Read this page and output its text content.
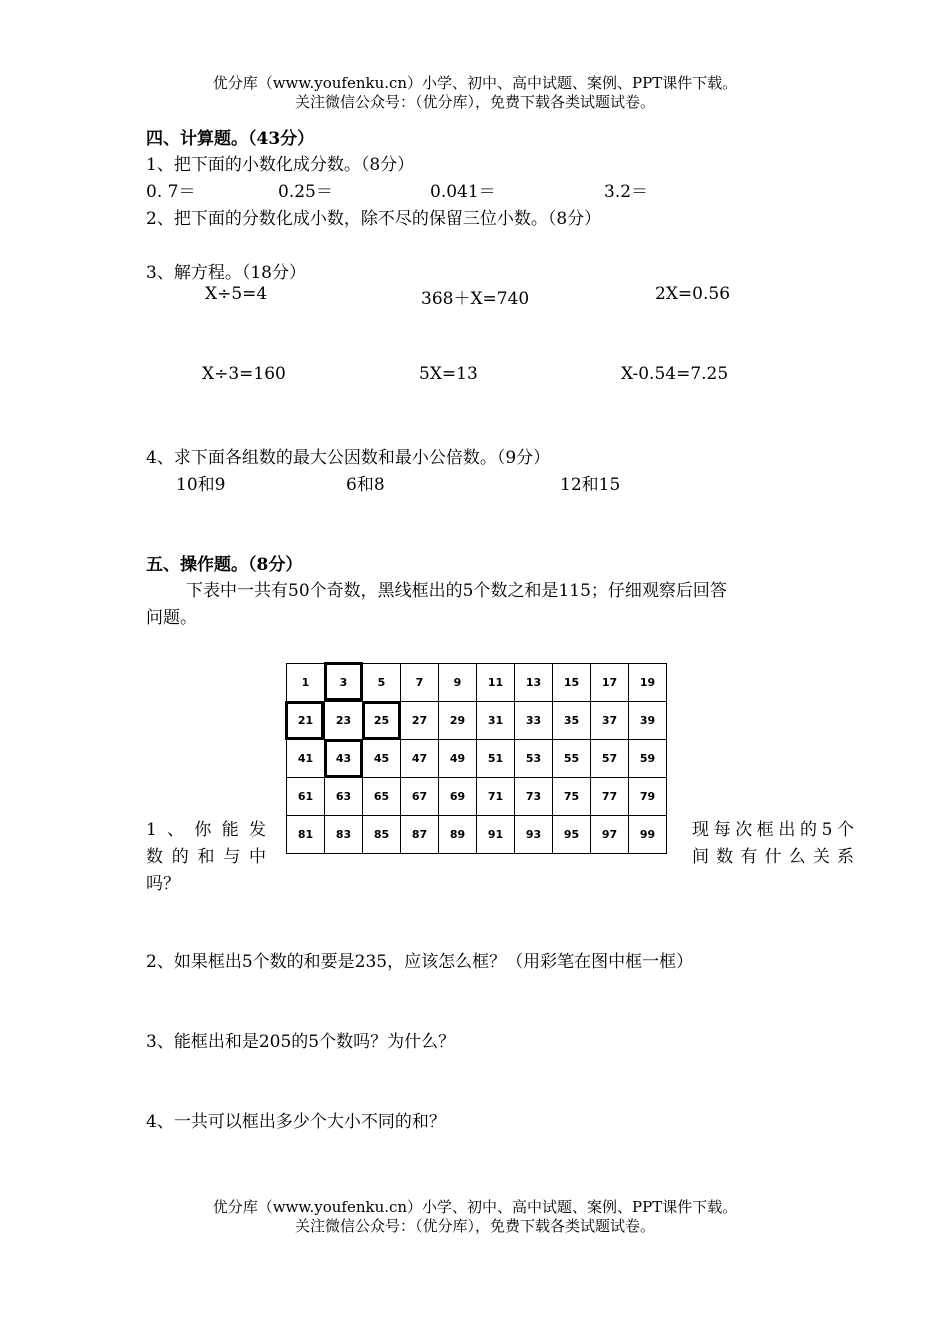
优分库（www.youfenku.cn）小学、初中、高中试题、案例、PPT课件下载。
关注微信公众号：（优分库），免费下载各类试题试卷。
四、计算题。（43分）
1、把下面的小数化成分数。（8分）
0. 7＝	0.25＝	0.041＝	3.2＝
2、把下面的分数化成小数，除不尽的保留三位小数。（8分）
3、解方程。（18分）
X÷5=4	368＋X=740	2X=0.56
X÷3=160	5X=13	X-0.54=7.25
4、求下面各组数的最大公因数和最小公倍数。（9分）
10和9	6和8	12和15
五、操作题。（8分）
下表中一共有50个奇数，黑线框出的5个数之和是115；仔细观察后回答
问题。
1	3	5	7	9	11	13	15	17	19
21	23	25	27	29	31	33	35	37	39
41	43	45	47	49	51	53	55	57	59
61	63	65	67	69	71	73	75	77	79
81	83	85	87	89	91	93	95	97	99
1、你能发
数的和与中
吗？
现每次框出的5个
间数有什么关系
2、如果框出5个数的和要是235，应该怎么框？（用彩笔在图中框一框）
3、能框出和是205的5个数吗？为什么？
4、一共可以框出多少个大小不同的和？
优分库（www.youfenku.cn）小学、初中、高中试题、案例、PPT课件下载。
关注微信公众号：（优分库），免费下载各类试题试卷。
